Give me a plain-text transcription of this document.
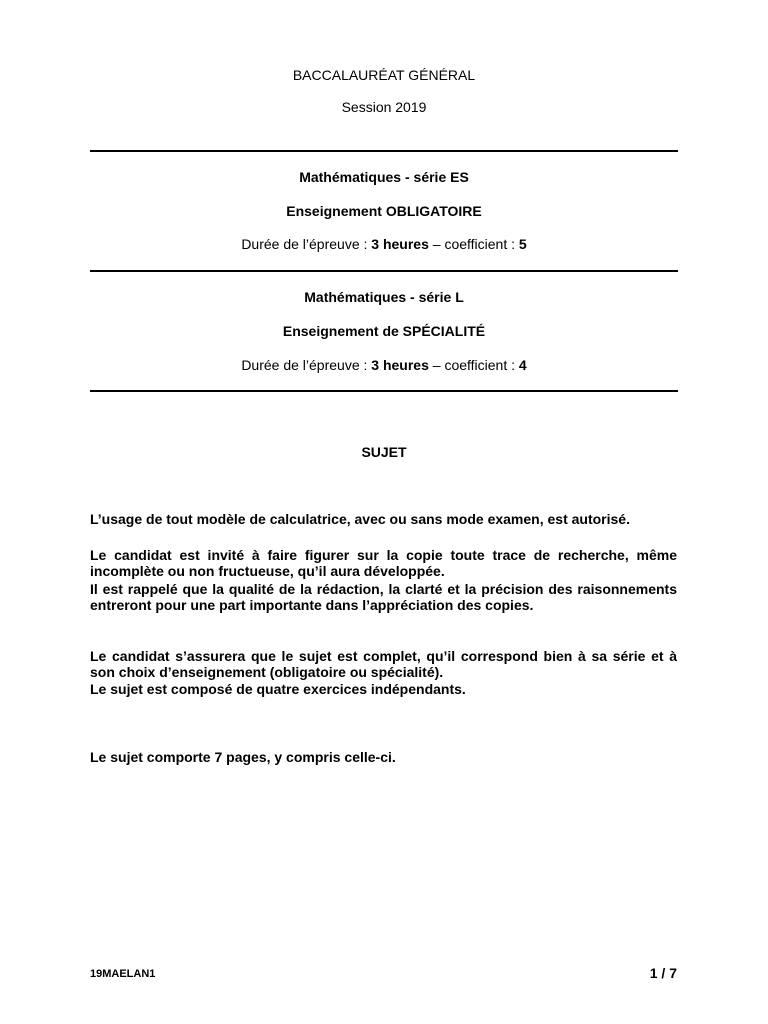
BACCALAURÉAT GÉNÉRAL
Session 2019
Mathématiques - série ES
Enseignement OBLIGATOIRE
Durée de l’épreuve : 3 heures – coefficient : 5
Mathématiques - série L
Enseignement de SPÉCIALITÉ
Durée de l’épreuve : 3 heures – coefficient : 4
SUJET
L’usage de tout modèle de calculatrice, avec ou sans mode examen, est autorisé.
Le candidat est invité à faire figurer sur la copie toute trace de recherche, même incomplète ou non fructueuse, qu’il aura développée.
Il est rappelé que la qualité de la rédaction, la clarté et la précision des raisonnements entreront pour une part importante dans l’appréciation des copies.
Le candidat s’assurera que le sujet est complet, qu’il correspond bien à sa série et à son choix d’enseignement (obligatoire ou spécialité).
Le sujet est composé de quatre exercices indépendants.
Le sujet comporte 7 pages, y compris celle-ci.
19MAELAN1	1 / 7
